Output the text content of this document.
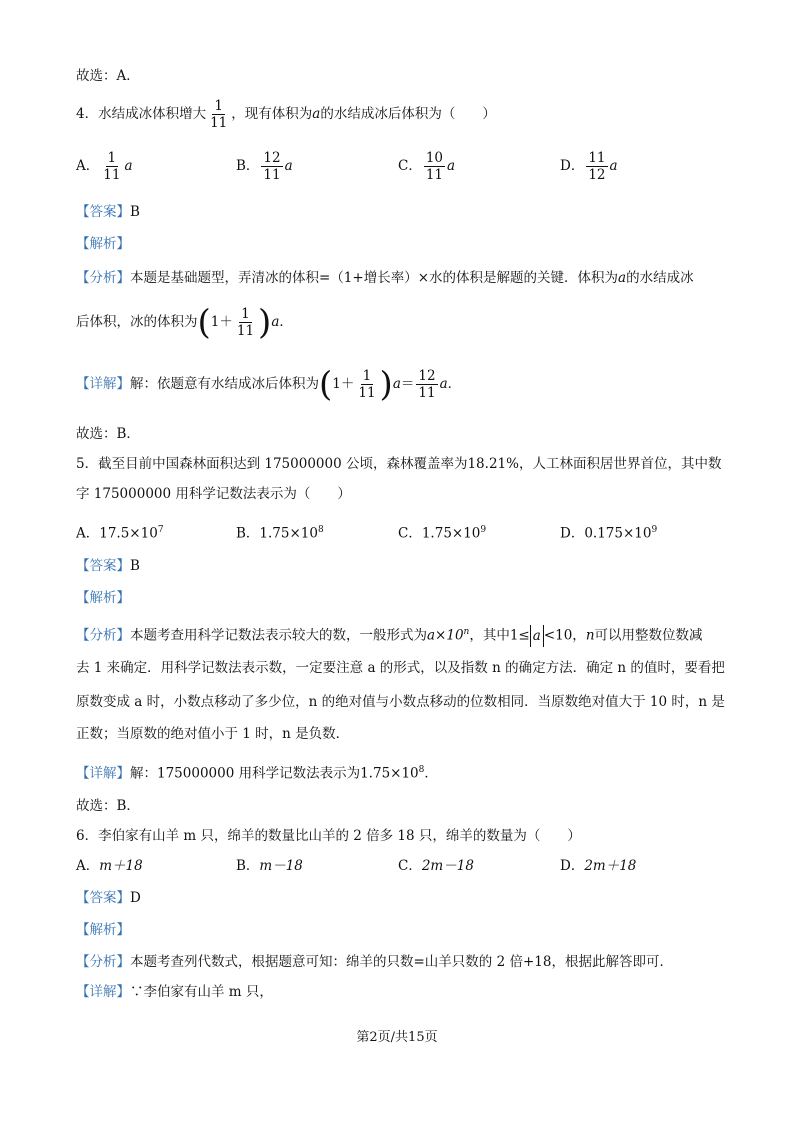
故选：A．
4．水结成冰体积增大 $\frac{1}{11}$ ，现有体积为a的水结成冰后体积为（　　）
A． $\frac{1}{11}$ a	B． $\frac{12}{11}$ a	C． $\frac{10}{11}$ a	D． $\frac{11}{12}$ a
【答案】B
【解析】
【分析】本题是基础题型，弄清冰的体积=（1+增长率）×水的体积是解题的关键．体积为a的水结成冰
后体积，冰的体积为$(1+ \frac{1}{11} )a$．
【详解】解：依题意有水结成冰后体积为$(1+ \frac{1}{11} )a= \frac{12}{11}$ a．
故选：B．
5．截至目前中国森林面积达到 175000000 公顷，森林覆盖率为18.21%，人工林面积居世界首位，其中数
字 175000000 用科学记数法表示为（　　）
A．$17.5\times 10^7$	B．$1.75\times 10^8$	C．$1.75\times 10^9$	D．$0.175\times 10^9$
【答案】B
【解析】
【分析】本题考查用科学记数法表示较大的数，一般形式为$a\times 10^n$，其中1≤ a <10，n可以用整数位数减
去 1 来确定．用科学记数法表示数，一定要注意 a 的形式，以及指数 n 的确定方法．确定 n 的值时，要看把
原数变成 a 时，小数点移动了多少位，n 的绝对值与小数点移动的位数相同．当原数绝对值大于 10 时，n 是
正数；当原数的绝对值小于 1 时，n 是负数．
【详解】解：175000000 用科学记数法表示为$1.75\times 10^8$．
故选：B．
6．李伯家有山羊 m 只，绵羊的数量比山羊的 2 倍多 18 只，绵羊的数量为（　　）
A．m＋18	B．m－18	C．2m－18	D．2m＋18
【答案】D
【解析】
【分析】本题考查列代数式，根据题意可知：绵羊的只数=山羊只数的 2 倍+18，根据此解答即可．
【详解】∵李伯家有山羊 m 只，
第2页/共15页
